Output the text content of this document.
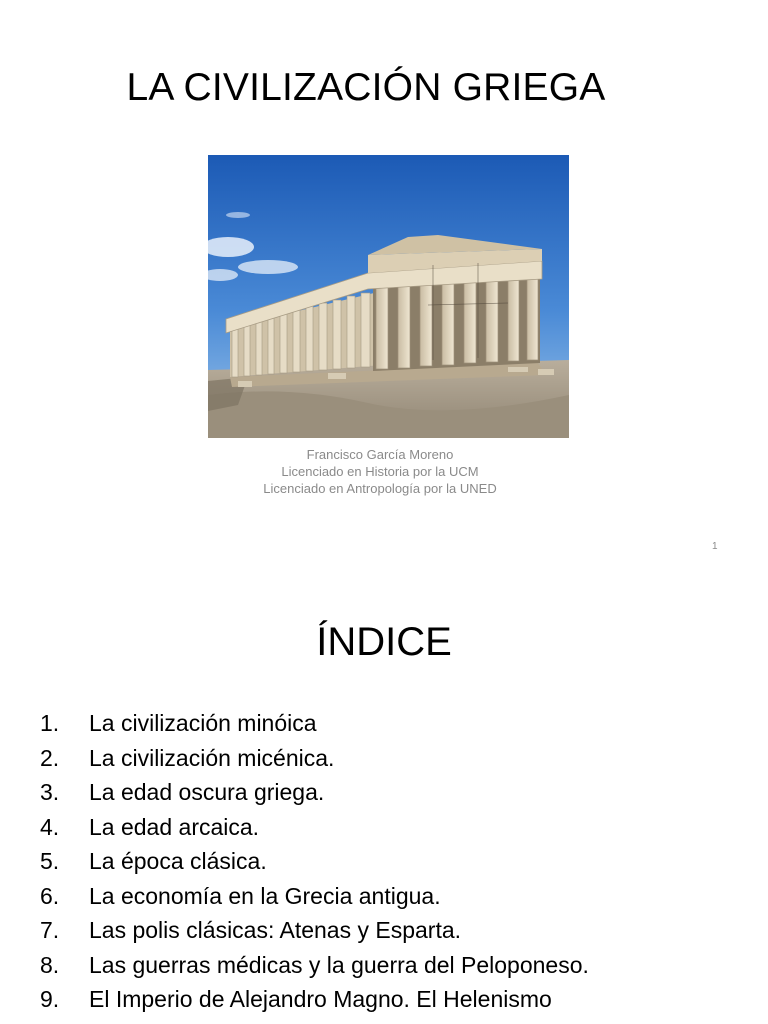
LA CIVILIZACIÓN GRIEGA
Francisco García Moreno
Licenciado en Historia por la UCM
Licenciado en Antropología por la UNED
1
ÍNDICE
1.	La civilización minóica
2.	La civilización micénica.
3.	La edad oscura griega.
4.	La edad arcaica.
5.	La época clásica.
6.	La economía en la Grecia antigua.
7.	Las polis clásicas: Atenas y Esparta.
8.	Las guerras médicas y la guerra del Peloponeso.
9.	El Imperio de Alejandro Magno. El Helenismo
